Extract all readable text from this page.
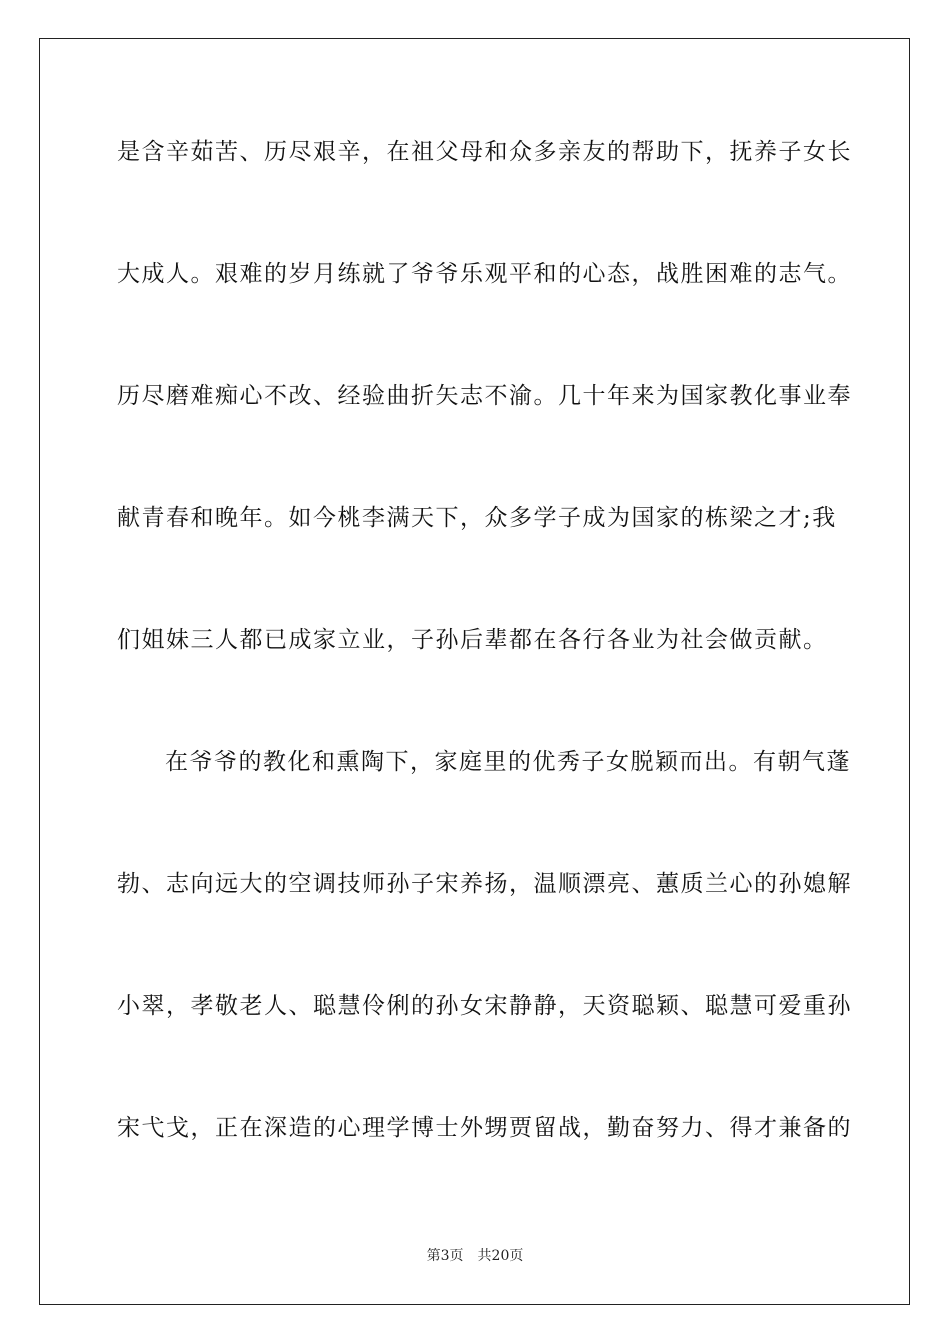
是含辛茹苦、历尽艰辛，在祖父母和众多亲友的帮助下，抚养子女长
大成人。艰难的岁月练就了爷爷乐观平和的心态，战胜困难的志气。
历尽磨难痴心不改、经验曲折矢志不渝。几十年来为国家教化事业奉
献青春和晚年。如今桃李满天下，众多学子成为国家的栋梁之才;我
们姐妹三人都已成家立业，子孙后辈都在各行各业为社会做贡献。
在爷爷的教化和熏陶下，家庭里的优秀子女脱颖而出。有朝气蓬
勃、志向远大的空调技师孙子宋养扬，温顺漂亮、蕙质兰心的孙媳解
小翠，孝敬老人、聪慧伶俐的孙女宋静静，天资聪颖、聪慧可爱重孙
宋弋戈，正在深造的心理学博士外甥贾留战，勤奋努力、得才兼备的
第3页 共20页
